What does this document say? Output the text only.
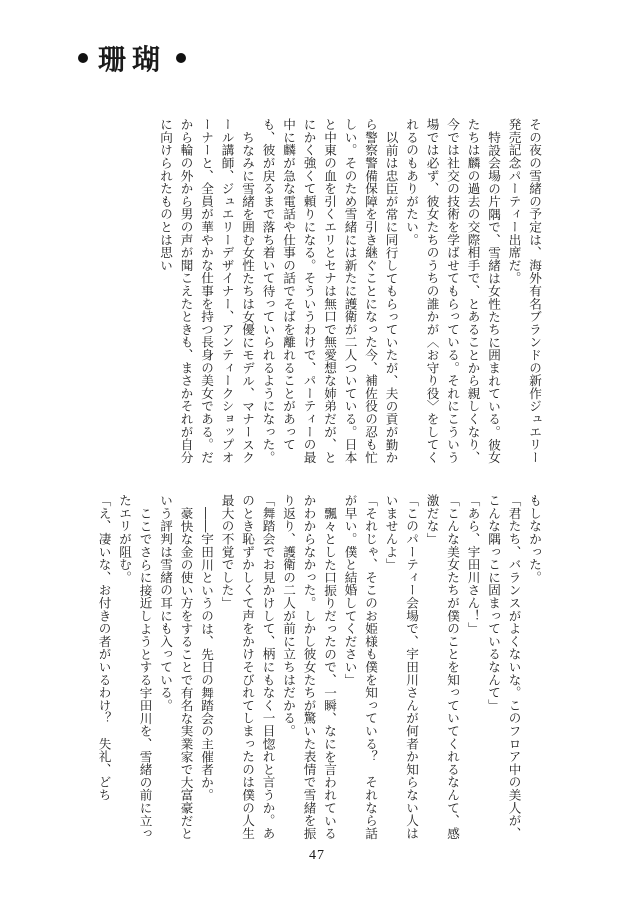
珊瑚

その夜の雪緒の予定は、海外有名ブランドの新作ジュエリー発売記念パーティー出席だ。

特設会場の片隅で、雪緒は女性たちに囲まれている。彼女たちは麟の過去の交際相手で、とあることから親しくなり、今では社交の技術を学ばせてもらっている。それにこういう場では必ず、彼女たちのうちの誰かが〈お守り役〉をしてくれるのもありがたい。

以前は忠臣が常に同行してもらっていたが、夫の貢が勤から警察警備保障を引き継ぐことになった今、補佐役の忍も忙しい。そのため雪緒には新たに護衛が二人ついている。日本と中東の血を引くエリとセナは無口で無愛想な姉弟だが、とにかく強くて頼りになる。そういうわけで、パーティーの最中に麟が急な電話や仕事の話でそばを離れることがあっても、彼が戻るまで落ち着いて待っていられるようになった。

ちなみに雪緒を囲む女性たちは女優にモデル、マナースクール講師、ジュエリーデザイナー、アンティークショップオーナーと、全員が華やかな仕事を持つ長身の美女である。だから輪の外から男の声が聞こえたときも、まさかそれが自分に向けられたものとは思い

もしなかった。

「君たち、バランスがよくないな。このフロア中の美人が、こんな隅っこに固まっているなんて」

「あら、宇田川さん！」

「こんな美女たちが僕のことを知っていてくれるなんて、感激だな」

「このパーティー会場で、宇田川さんが何者か知らない人はいませんよ」

「それじゃ、そこのお姫様も僕を知っている？　それなら話が早い。僕と結婚してください」

飄々とした口振りだったので、一瞬、なにを言われているかわからなかった。しかし彼女たちが驚いた表情で雪緒を振り返り、護衛の二人が前に立ちはだかる。

「舞踏会でお見かけして、柄にもなく一目惚れと言うか。あのとき恥ずかしくて声をかけそびれてしまったのは僕の人生最大の不覚でした」

――宇田川というのは、先日の舞踏会の主催者か。

豪快な金の使い方をすることで有名な実業家で大富豪だという評判は雪緒の耳にも入っている。

ここでさらに接近しようとする宇田川を、雪緒の前に立ったエリが阻む。

「え、凄いな、お付きの者がいるわけ？　失礼、どち

47
